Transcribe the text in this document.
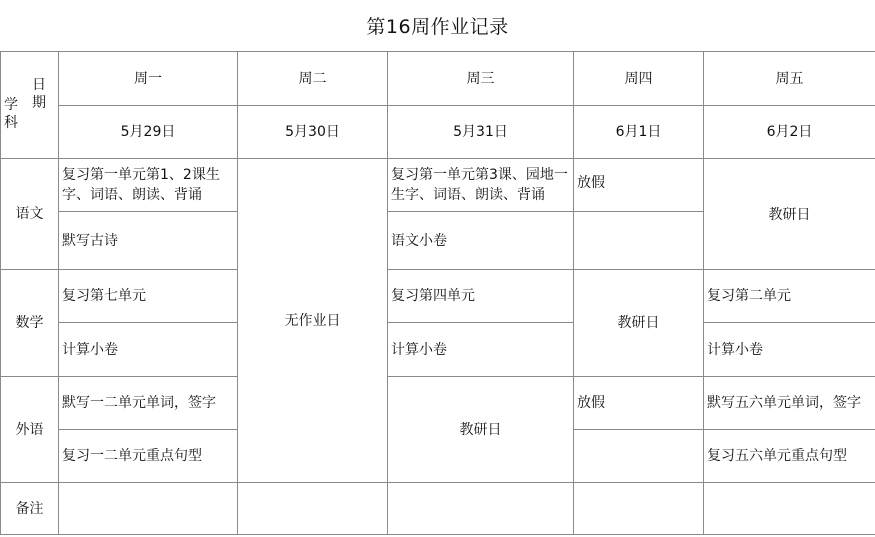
第16周作业记录
日期
学科	周一	周二	周三	周四	周五
	5月29日	5月30日	5月31日	6月1日	6月2日
语文	复习第一单元第1、2课生字、词语、朗读、背诵	无作业日	复习第一单元第3课、园地一生字、词语、朗读、背诵	放假	教研日
	默写古诗		语文小卷		
数学	复习第七单元		复习第四单元	教研日	复习第二单元
	计算小卷		计算小卷		计算小卷
外语	默写一二单元单词，签字		教研日	放假	默写五六单元单词，签字
	复习一二单元重点句型				复习五六单元重点句型
备注					
